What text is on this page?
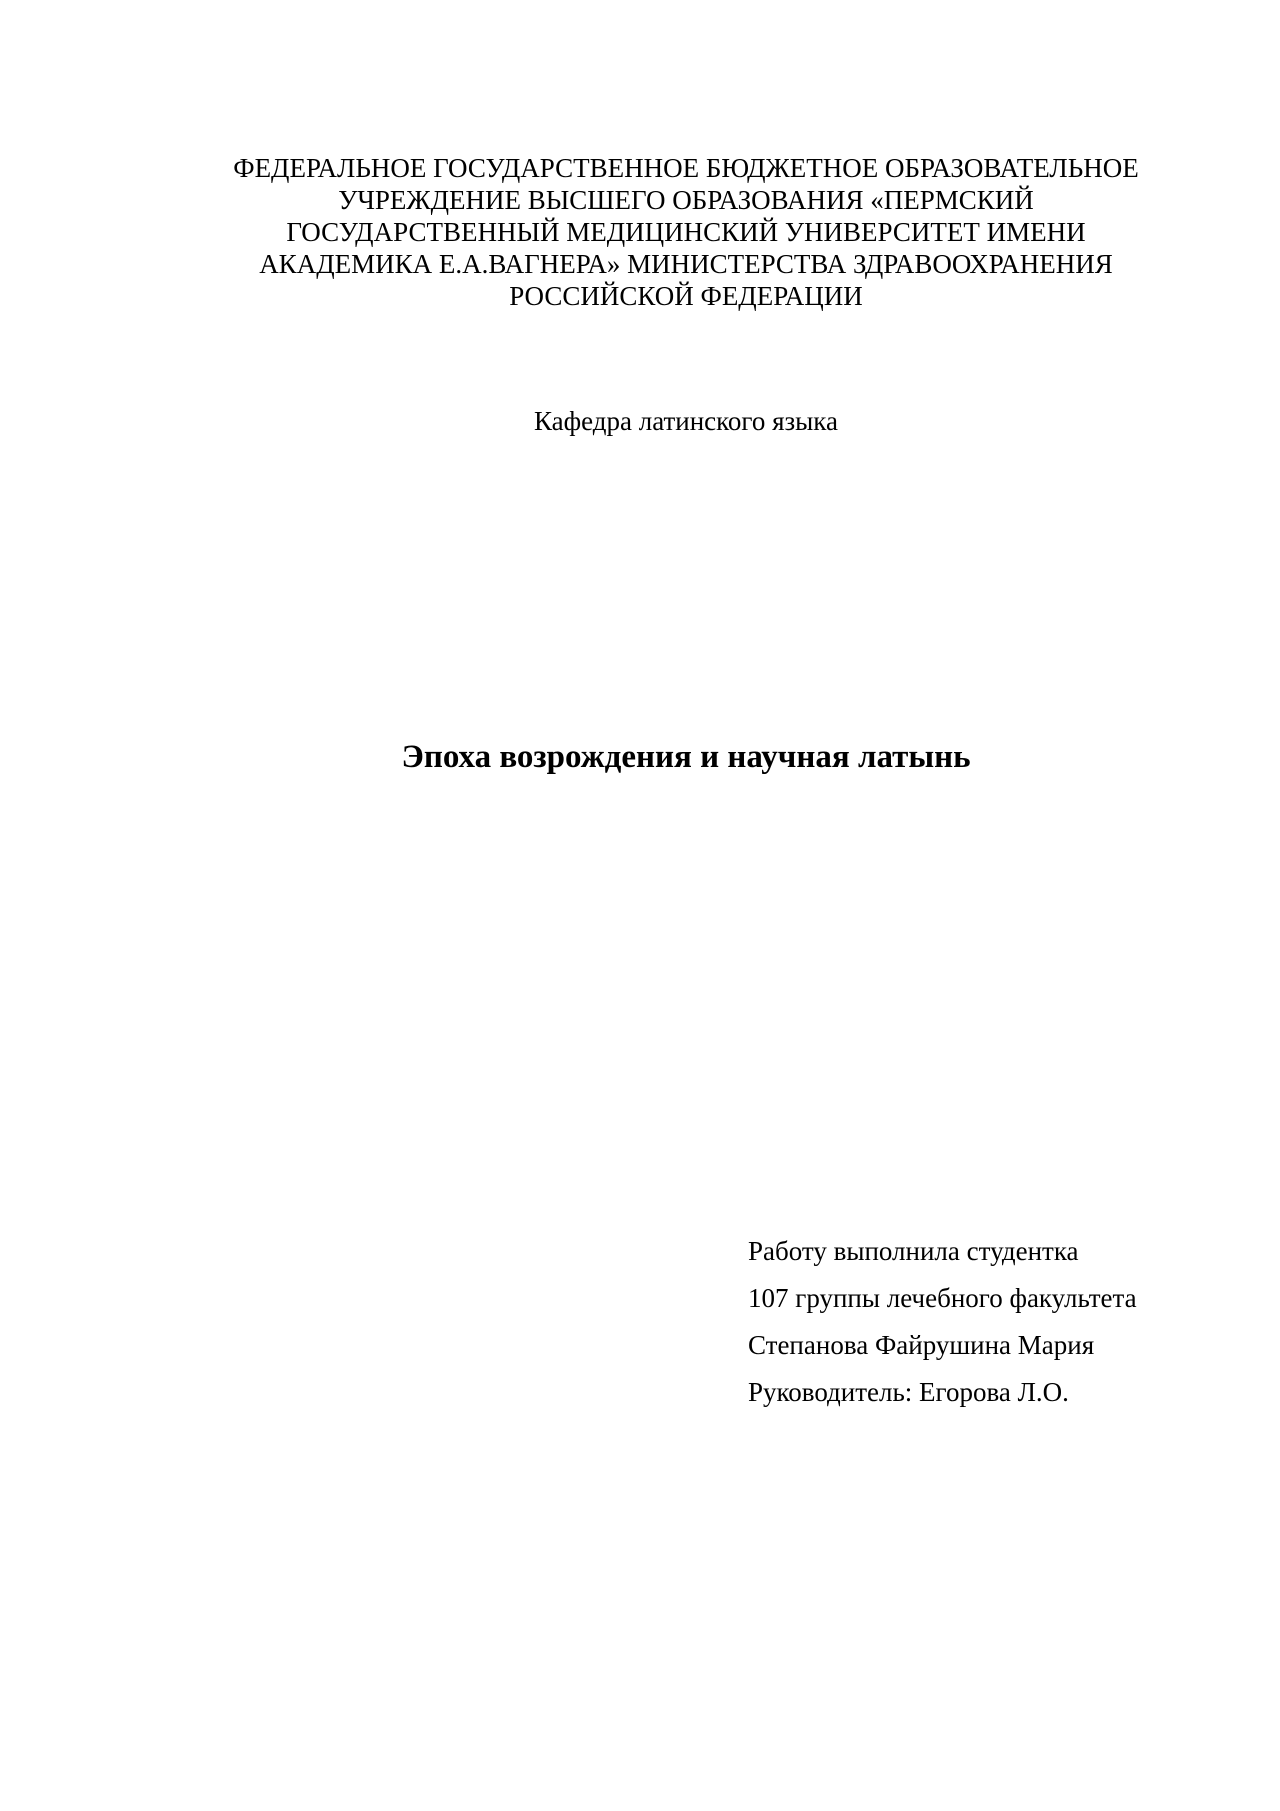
ФЕДЕРАЛЬНОЕ ГОСУДАРСТВЕННОЕ БЮДЖЕТНОЕ ОБРАЗОВАТЕЛЬНОЕ
УЧРЕЖДЕНИЕ ВЫСШЕГО ОБРАЗОВАНИЯ «ПЕРМСКИЙ
ГОСУДАРСТВЕННЫЙ МЕДИЦИНСКИЙ УНИВЕРСИТЕТ ИМЕНИ
АКАДЕМИКА Е.А.ВАГНЕРА» МИНИСТЕРСТВА ЗДРАВООХРАНЕНИЯ
РОССИЙСКОЙ ФЕДЕРАЦИИ

Кафедра латинского языка

Эпоха возрождения и научная латынь
Работу выполнила студентка
107 группы лечебного факультета
Степанова Файрушина Мария
Руководитель: Егорова Л.О.
